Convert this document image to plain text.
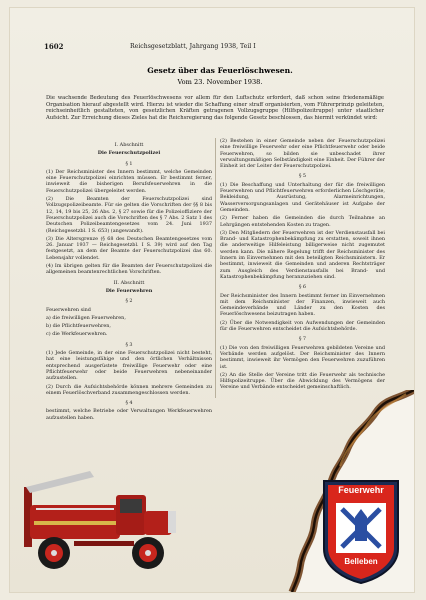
1602	Reichsgesetzblatt, Jahrgang 1938, Teil I
Gesetz über das Feuerlöschwesen.
Vom 23. November 1938.
Die wachsende Bedeutung des Feuerlöschwesens vor allem für den Luftschutz erfordert, daß schon seine friedensmäßige Organisation hierauf abgestellt wird. Hierzu ist wieder die Schaffung einer straff organisierten, vom Führerprinzip geleiteten, reichseinheitlich gestalteten, von gesetzlichen Kräften getragenen Vollzugsgruppe (Hilfspolizeitruppe) unter staatlicher Aufsicht. Zur Erreichung dieses Zieles hat die Reichsregierung das folgende Gesetz beschlossen, das hiermit verkündet wird:
I. Abschnitt
Die Feuerschutzpolizei
§ 1

(1) Der Reichsminister des Innern bestimmt, welche Gemeinden eine Feuerschutzpolizei einrichten müssen. Er bestimmt ferner, inwieweit die bisherigen Berufsfeuerwehren in die Feuerschutzpolizei übergeleitet werden.

(2) Die Beamten der Feuerschutzpolizei sind Vollzugspolizeibeamte. Für sie gelten die Vorschriften der §§ 8 bis 12, 14, 19 bis 25, 26 Abs. 2, § 27 sowie für die Polizeioffiziere der Feuerschutzpolizei auch die Vorschriften des § 7 Abs. 2 Satz 1 des Deutschen Polizeibeamtengesetzes vom 24. Juni 1937 (Reichsgesetzbl. I S. 653) (angewandt).

(3) Die Altersgrenze (§ 68 des Deutschen Beamtengesetzes vom 26. Januar 1937 — Reichsgesetzbl. I S. 39) wird auf den Tag festgesetzt, an dem der Beamte der Feuerschutzpolizei das 60. Lebensjahr vollendet.

(4) Im übrigen gelten für die Beamten der Feuerschutzpolizei die allgemeinen beamtenrechtlichen Vorschriften.

II. Abschnitt
Die Feuerwehren
§ 2

Feuerwehren sind

a) die freiwilligen Feuerwehren,

b) die Pflichtfeuerwehren,

c) die Werkfeuerwehren.

§ 3

(1) Jede Gemeinde, in der eine Feuerschutzpolizei nicht besteht, hat eine leistungsfähige und den örtlichen Verhältnissen entsprechend ausgerüstete freiwillige Feuerwehr oder eine Pflichtfeuerwehr oder beide Feuerwehren nebeneinander aufzustellen.

(2) Durch die Aufsichtsbehörde können mehrere Gemeinden zu einem Feuerlöschverband zusammengeschlossen werden.

§ 4

bestimmt, welche Betriebe oder Verwaltungen Werkfeuerwehren aufzustellen haben.

(2) Bestehen in einer Gemeinde neben der Feuerschutzpolizei eine freiwillige Feuerwehr oder eine Pflichtfeuerwehr oder beide Feuerwehren, so bilden sie unbeschadet ihrer verwaltungsmäßigen Selbständigkeit eine Einheit. Der Führer der Einheit ist der Leiter der Feuerschutzpolizei.

§ 5

(1) Die Beschaffung und Unterhaltung der für die freiwilligen Feuerwehren und Pflichtfeuerwehren erforderlichen Löschgeräte, Bekleidung, Ausrüstung, Alarmeinrichtungen, Wasserversorgungsanlagen und Gerätehäuser ist Aufgabe der Gemeinden.

(2) Ferner haben die Gemeinden die durch Teilnahme an Lehrgängen entstehenden Kosten zu tragen.

(3) Den Mitgliedern der Feuerwehren ist der Verdienstausfall bei Brand- und Katastrophenbekämpfung zu erstatten, soweit ihnen die anderweitige Hilfeleistung billigerweise nicht zugemutet werden kann. Die nähere Regelung trifft der Reichsminister des Innern im Einvernehmen mit den beteiligten Reichsministern. Er bestimmt, inwieweit die Gemeinden und anderen Rechtsträger zum Ausgleich des Verdienstausfalls bei Brand- und Katastrophenbekämpfung heranzuziehen sind.

§ 6

Der Reichsminister des Innern bestimmt ferner im Einvernehmen mit dem Reichsminister der Finanzen, inwieweit auch Gemeindeverbände und Länder zu den Kosten des Feuerlöschwesens beizutragen haben.

(2) Über die Notwendigkeit von Aufwendungen der Gemeinden für die Feuerwehren entscheidet die Aufsichtsbehörde.

§ 7

(1) Die von den freiwilligen Feuerwehren gebildeten Vereine und Verbände werden aufgelöst. Der Reichsminister des Innern bestimmt, inwieweit ihr Vermögen den Feuerwehren zuzuführen ist.

(2) An die Stelle der Vereine tritt die Feuerwehr als technische Hilfspolizeitruppe. Über die Abwicklung des Vermögens der Vereine und Verbände entscheidet gemeinschaftlich.

Feuerwehr
Belleben
